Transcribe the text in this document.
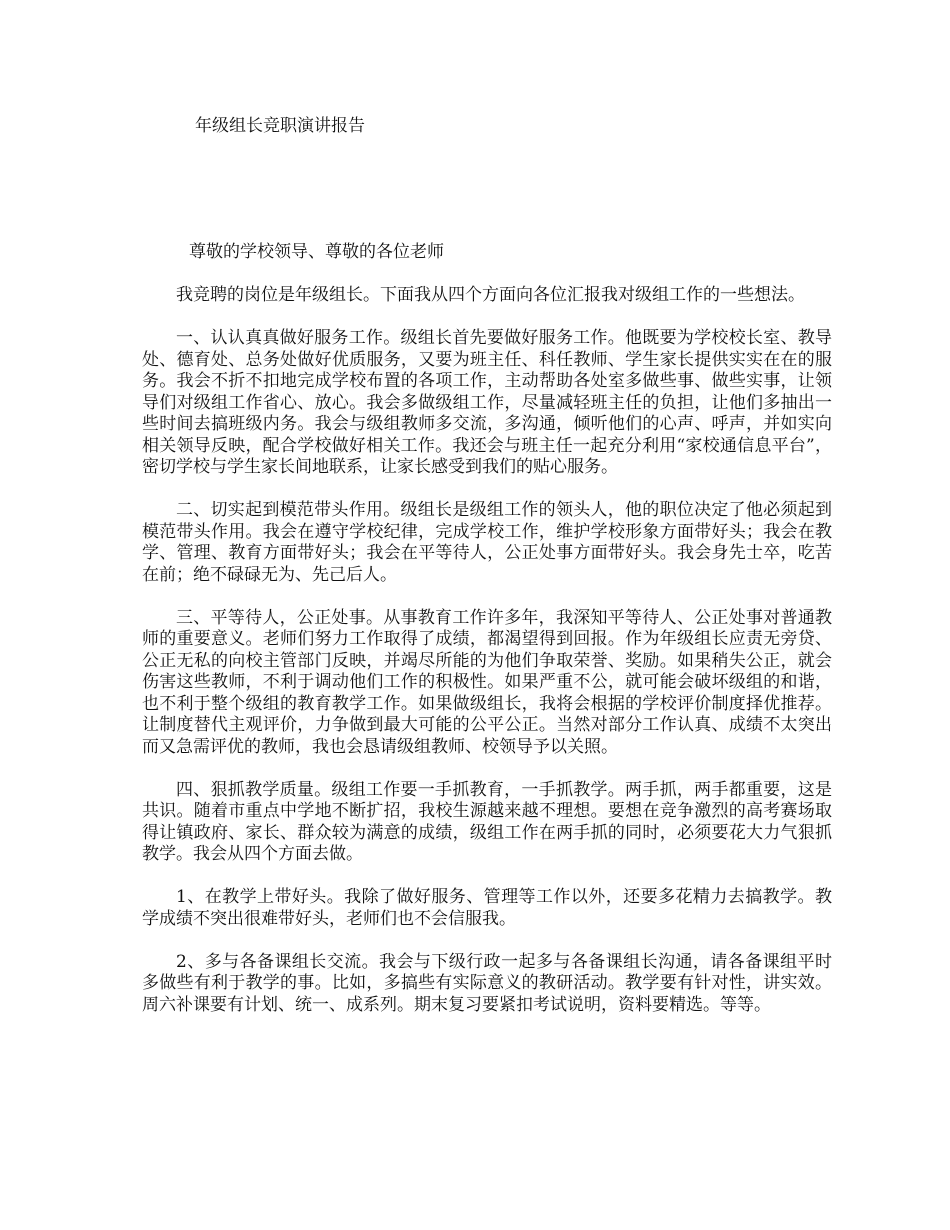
年级组长竞职演讲报告
尊敬的学校领导、尊敬的各位老师

我竞聘的岗位是年级组长。下面我从四个方面向各位汇报我对级组工作的一些想法。

一、认认真真做好服务工作。级组长首先要做好服务工作。他既要为学校校长室、教导处、德育处、总务处做好优质服务，又要为班主任、科任教师、学生家长提供实实在在的服务。我会不折不扣地完成学校布置的各项工作，主动帮助各处室多做些事、做些实事，让领导们对级组工作省心、放心。我会多做级组工作，尽量减轻班主任的负担，让他们多抽出一些时间去搞班级内务。我会与级组教师多交流，多沟通，倾听他们的心声、呼声，并如实向相关领导反映，配合学校做好相关工作。我还会与班主任一起充分利用“家校通信息平台”，密切学校与学生家长间地联系，让家长感受到我们的贴心服务。

二、切实起到模范带头作用。级组长是级组工作的领头人，他的职位决定了他必须起到模范带头作用。我会在遵守学校纪律，完成学校工作，维护学校形象方面带好头；我会在教学、管理、教育方面带好头；我会在平等待人，公正处事方面带好头。我会身先士卒，吃苦在前；绝不碌碌无为、先己后人。

三、平等待人，公正处事。从事教育工作许多年，我深知平等待人、公正处事对普通教师的重要意义。老师们努力工作取得了成绩，都渴望得到回报。作为年级组长应责无旁贷、公正无私的向校主管部门反映，并竭尽所能的为他们争取荣誉、奖励。如果稍失公正，就会伤害这些教师，不利于调动他们工作的积极性。如果严重不公，就可能会破坏级组的和谐，也不利于整个级组的教育教学工作。如果做级组长，我将会根据的学校评价制度择优推荐。让制度替代主观评价，力争做到最大可能的公平公正。当然对部分工作认真、成绩不太突出而又急需评优的教师，我也会恳请级组教师、校领导予以关照。

四、狠抓教学质量。级组工作要一手抓教育，一手抓教学。两手抓，两手都重要，这是共识。随着市重点中学地不断扩招，我校生源越来越不理想。要想在竞争激烈的高考赛场取得让镇政府、家长、群众较为满意的成绩，级组工作在两手抓的同时，必须要花大力气狠抓教学。我会从四个方面去做。

1、在教学上带好头。我除了做好服务、管理等工作以外，还要多花精力去搞教学。教学成绩不突出很难带好头，老师们也不会信服我。

2、多与各备课组长交流。我会与下级行政一起多与各备课组长沟通，请各备课组平时多做些有利于教学的事。比如，多搞些有实际意义的教研活动。教学要有针对性，讲实效。周六补课要有计划、统一、成系列。期末复习要紧扣考试说明，资料要精选。等等。
